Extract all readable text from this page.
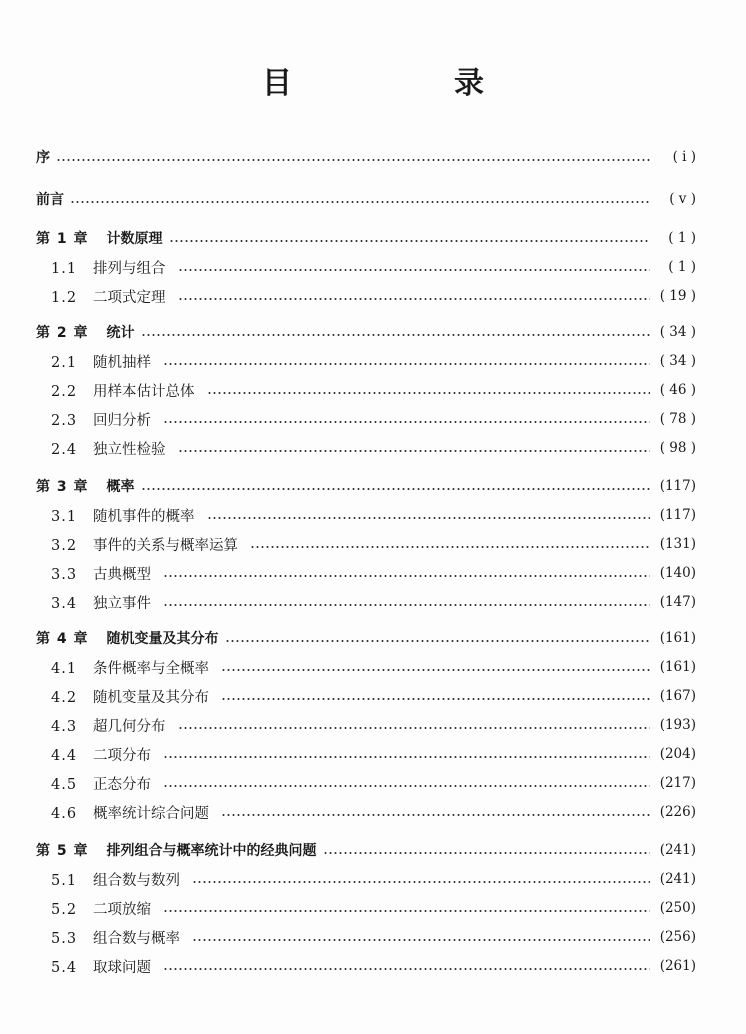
目　录
序	( ⅰ )
前言	( ⅴ )
第 1 章 计数原理	( 1 )
1.1 排列与组合	( 1 )
1.2 二项式定理	( 19 )
第 2 章 统计	( 34 )
2.1 随机抽样	( 34 )
2.2 用样本估计总体	( 46 )
2.3 回归分析	( 78 )
2.4 独立性检验	( 98 )
第 3 章 概率	(117)
3.1 随机事件的概率	(117)
3.2 事件的关系与概率运算	(131)
3.3 古典概型	(140)
3.4 独立事件	(147)
第 4 章 随机变量及其分布	(161)
4.1 条件概率与全概率	(161)
4.2 随机变量及其分布	(167)
4.3 超几何分布	(193)
4.4 二项分布	(204)
4.5 正态分布	(217)
4.6 概率统计综合问题	(226)
第 5 章 排列组合与概率统计中的经典问题	(241)
5.1 组合数与数列	(241)
5.2 二项放缩	(250)
5.3 组合数与概率	(256)
5.4 取球问题	(261)
